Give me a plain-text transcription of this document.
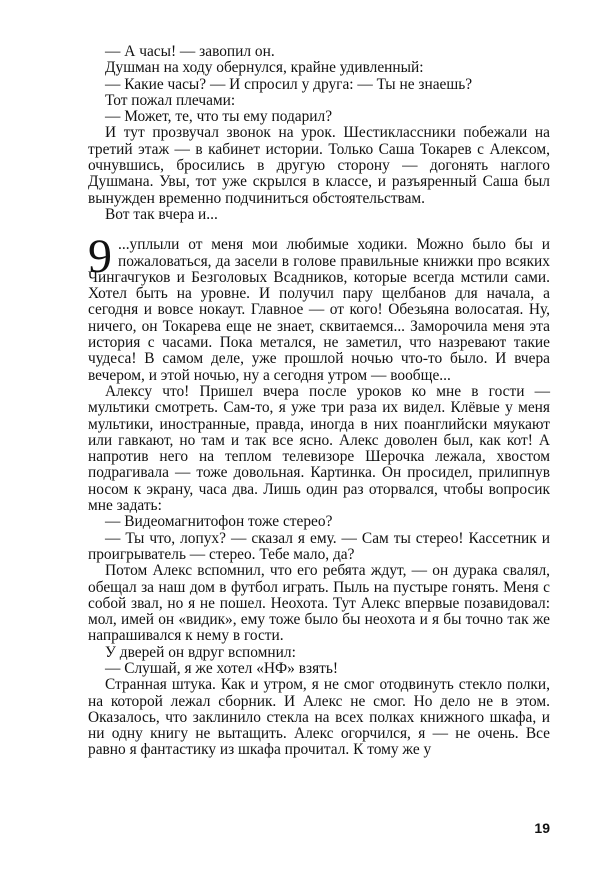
— А часы! — завопил он.

Душман на ходу обернулся, крайне удивленный:

— Какие часы? — И спросил у друга: — Ты не знаешь?

Тот пожал плечами:

— Может, те, что ты ему подарил?

И тут прозвучал звонок на урок. Шестиклассники побежали на третий этаж — в кабинет истории. Только Саша Токарев с Алексом, очнувшись, бросились в другую сторону — догонять наглого Душмана. Увы, тот уже скрылся в классе, и разъяренный Саша был вынужден временно подчиниться обстоятельствам.

Вот так вчера и...

9 ...уплыли от меня мои любимые ходики. Можно было бы и пожаловаться, да засели в голове правильные книжки про всяких Чингачгуков и Безголовых Всадников, которые всегда мстили сами. Хотел быть на уровне. И получил пару щелбанов для начала, а сегодня и вовсе нокаут. Главное — от кого! Обезьяна волосатая. Ну, ничего, он Токарева еще не знает, сквитаемся... Заморочила меня эта история с часами. Пока метался, не заметил, что назревают такие чудеса! В самом деле, уже прошлой ночью что-то было. И вчера вечером, и этой ночью, ну а сегодня утром — вообще...

Алексу что! Пришел вчера после уроков ко мне в гости — мультики смотреть. Сам-то, я уже три раза их видел. Клёвые у меня мультики, иностранные, правда, иногда в них поанглийски мяукают или гавкают, но там и так все ясно. Алекс доволен был, как кот! А напротив него на теплом телевизоре Шерочка лежала, хвостом подрагивала — тоже довольная. Картинка. Он просидел, прилипнув носом к экрану, часа два. Лишь один раз оторвался, чтобы вопросик мне задать:

— Видеомагнитофон тоже стерео?

— Ты что, лопух? — сказал я ему. — Сам ты стерео! Кассетник и проигрыватель — стерео. Тебе мало, да?

Потом Алекс вспомнил, что его ребята ждут, — он дурака свалял, обещал за наш дом в футбол играть. Пыль на пустыре гонять. Меня с собой звал, но я не пошел. Неохота. Тут Алекс впервые позавидовал: мол, имей он «видик», ему тоже было бы неохота и я бы точно так же напрашивался к нему в гости.

У дверей он вдруг вспомнил:

— Слушай, я же хотел «НФ» взять!

Странная штука. Как и утром, я не смог отодвинуть стекло полки, на которой лежал сборник. И Алекс не смог. Но дело не в этом. Оказалось, что заклинило стекла на всех полках книжного шкафа, и ни одну книгу не вытащить. Алекс огорчился, я — не очень. Все равно я фантастику из шкафа прочитал. К тому же у

19
